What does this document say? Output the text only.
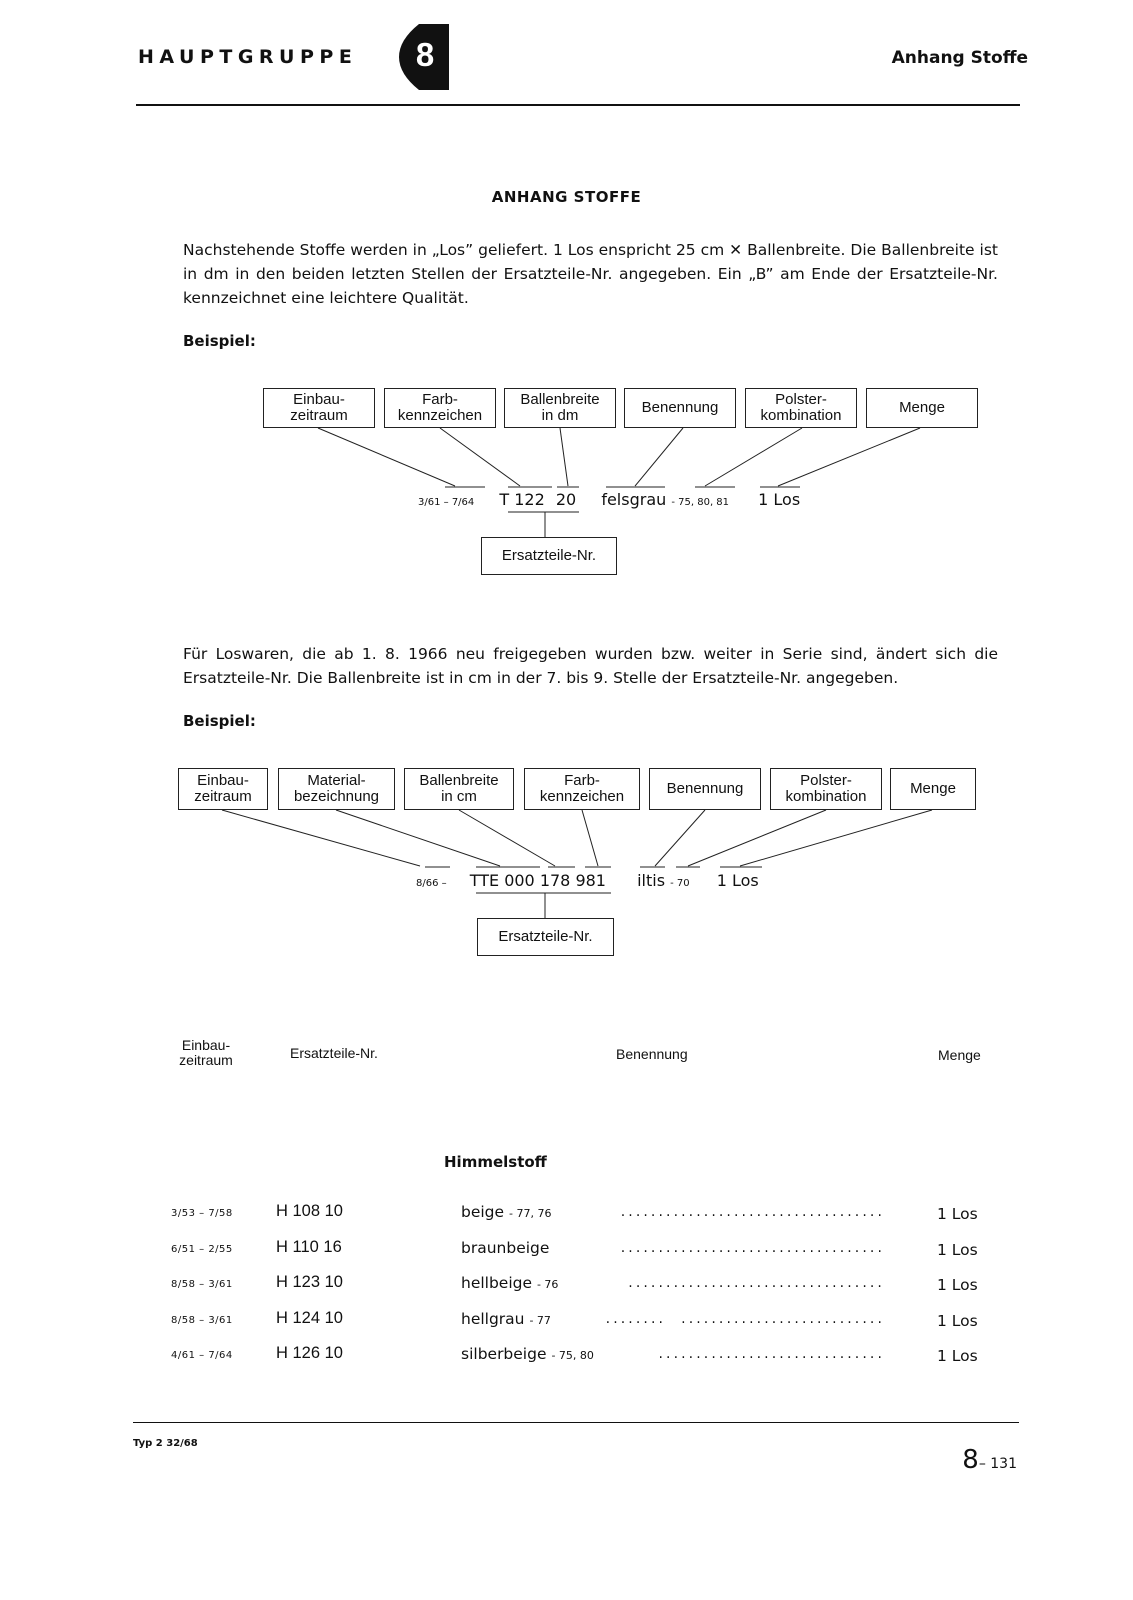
HAUPTGRUPPE 8	Anhang Stoffe
ANHANG STOFFE
Nachstehende Stoffe werden in „Los” geliefert. 1 Los enspricht 25 cm ✕ Ballenbreite. Die Ballenbreite ist in dm in den beiden letzten Stellen der Ersatzteile-Nr. angegeben. Ein „B” am Ende der Ersatzteile-Nr. kennzeichnet eine leichtere Qualität.
Beispiel:
Einbau-
zeitraum
Farb-
kennzeichen
Ballenbreite
in dm	Benennung	Polster-
kombination	Menge
3/61 – 7/64 T 122 20 felsgrau - 75, 80, 81 1 Los
Ersatzteile-Nr.
Für Loswaren, die ab 1. 8. 1966 neu freigegeben wurden bzw. weiter in Serie sind, ändert sich die Ersatzteile-Nr. Die Ballenbreite ist in cm in der 7. bis 9. Stelle der Ersatzteile-Nr. angegeben.
Beispiel:
Einbau-
zeitraum
Material-
bezeichnung
Ballenbreite
in cm
Farb-
kennzeichen	Benennung	Polster-
kombination	Menge
8/66 – TTE 000 178 981 iltis - 70 1 Los
Ersatzteile-Nr.
Einbau-
zeitraum	Ersatzteile-Nr.	Benennung	Menge
Himmelstoff
3/53 – 7/58	H 108 10	beige - 77, 76	...................................	1 Los
6/51 – 2/55	H 110 16	braunbeige	...................................	1 Los
8/58 – 3/61	H 123 10	hellbeige - 76	..................................	1 Los
8/58 – 3/61	H 124 10	hellgrau - 77	........  ...........................	1 Los
4/61 – 7/64	H 126 10	silberbeige - 75, 80	..............................	1 Los
Typ 2 32/68
8– 131
